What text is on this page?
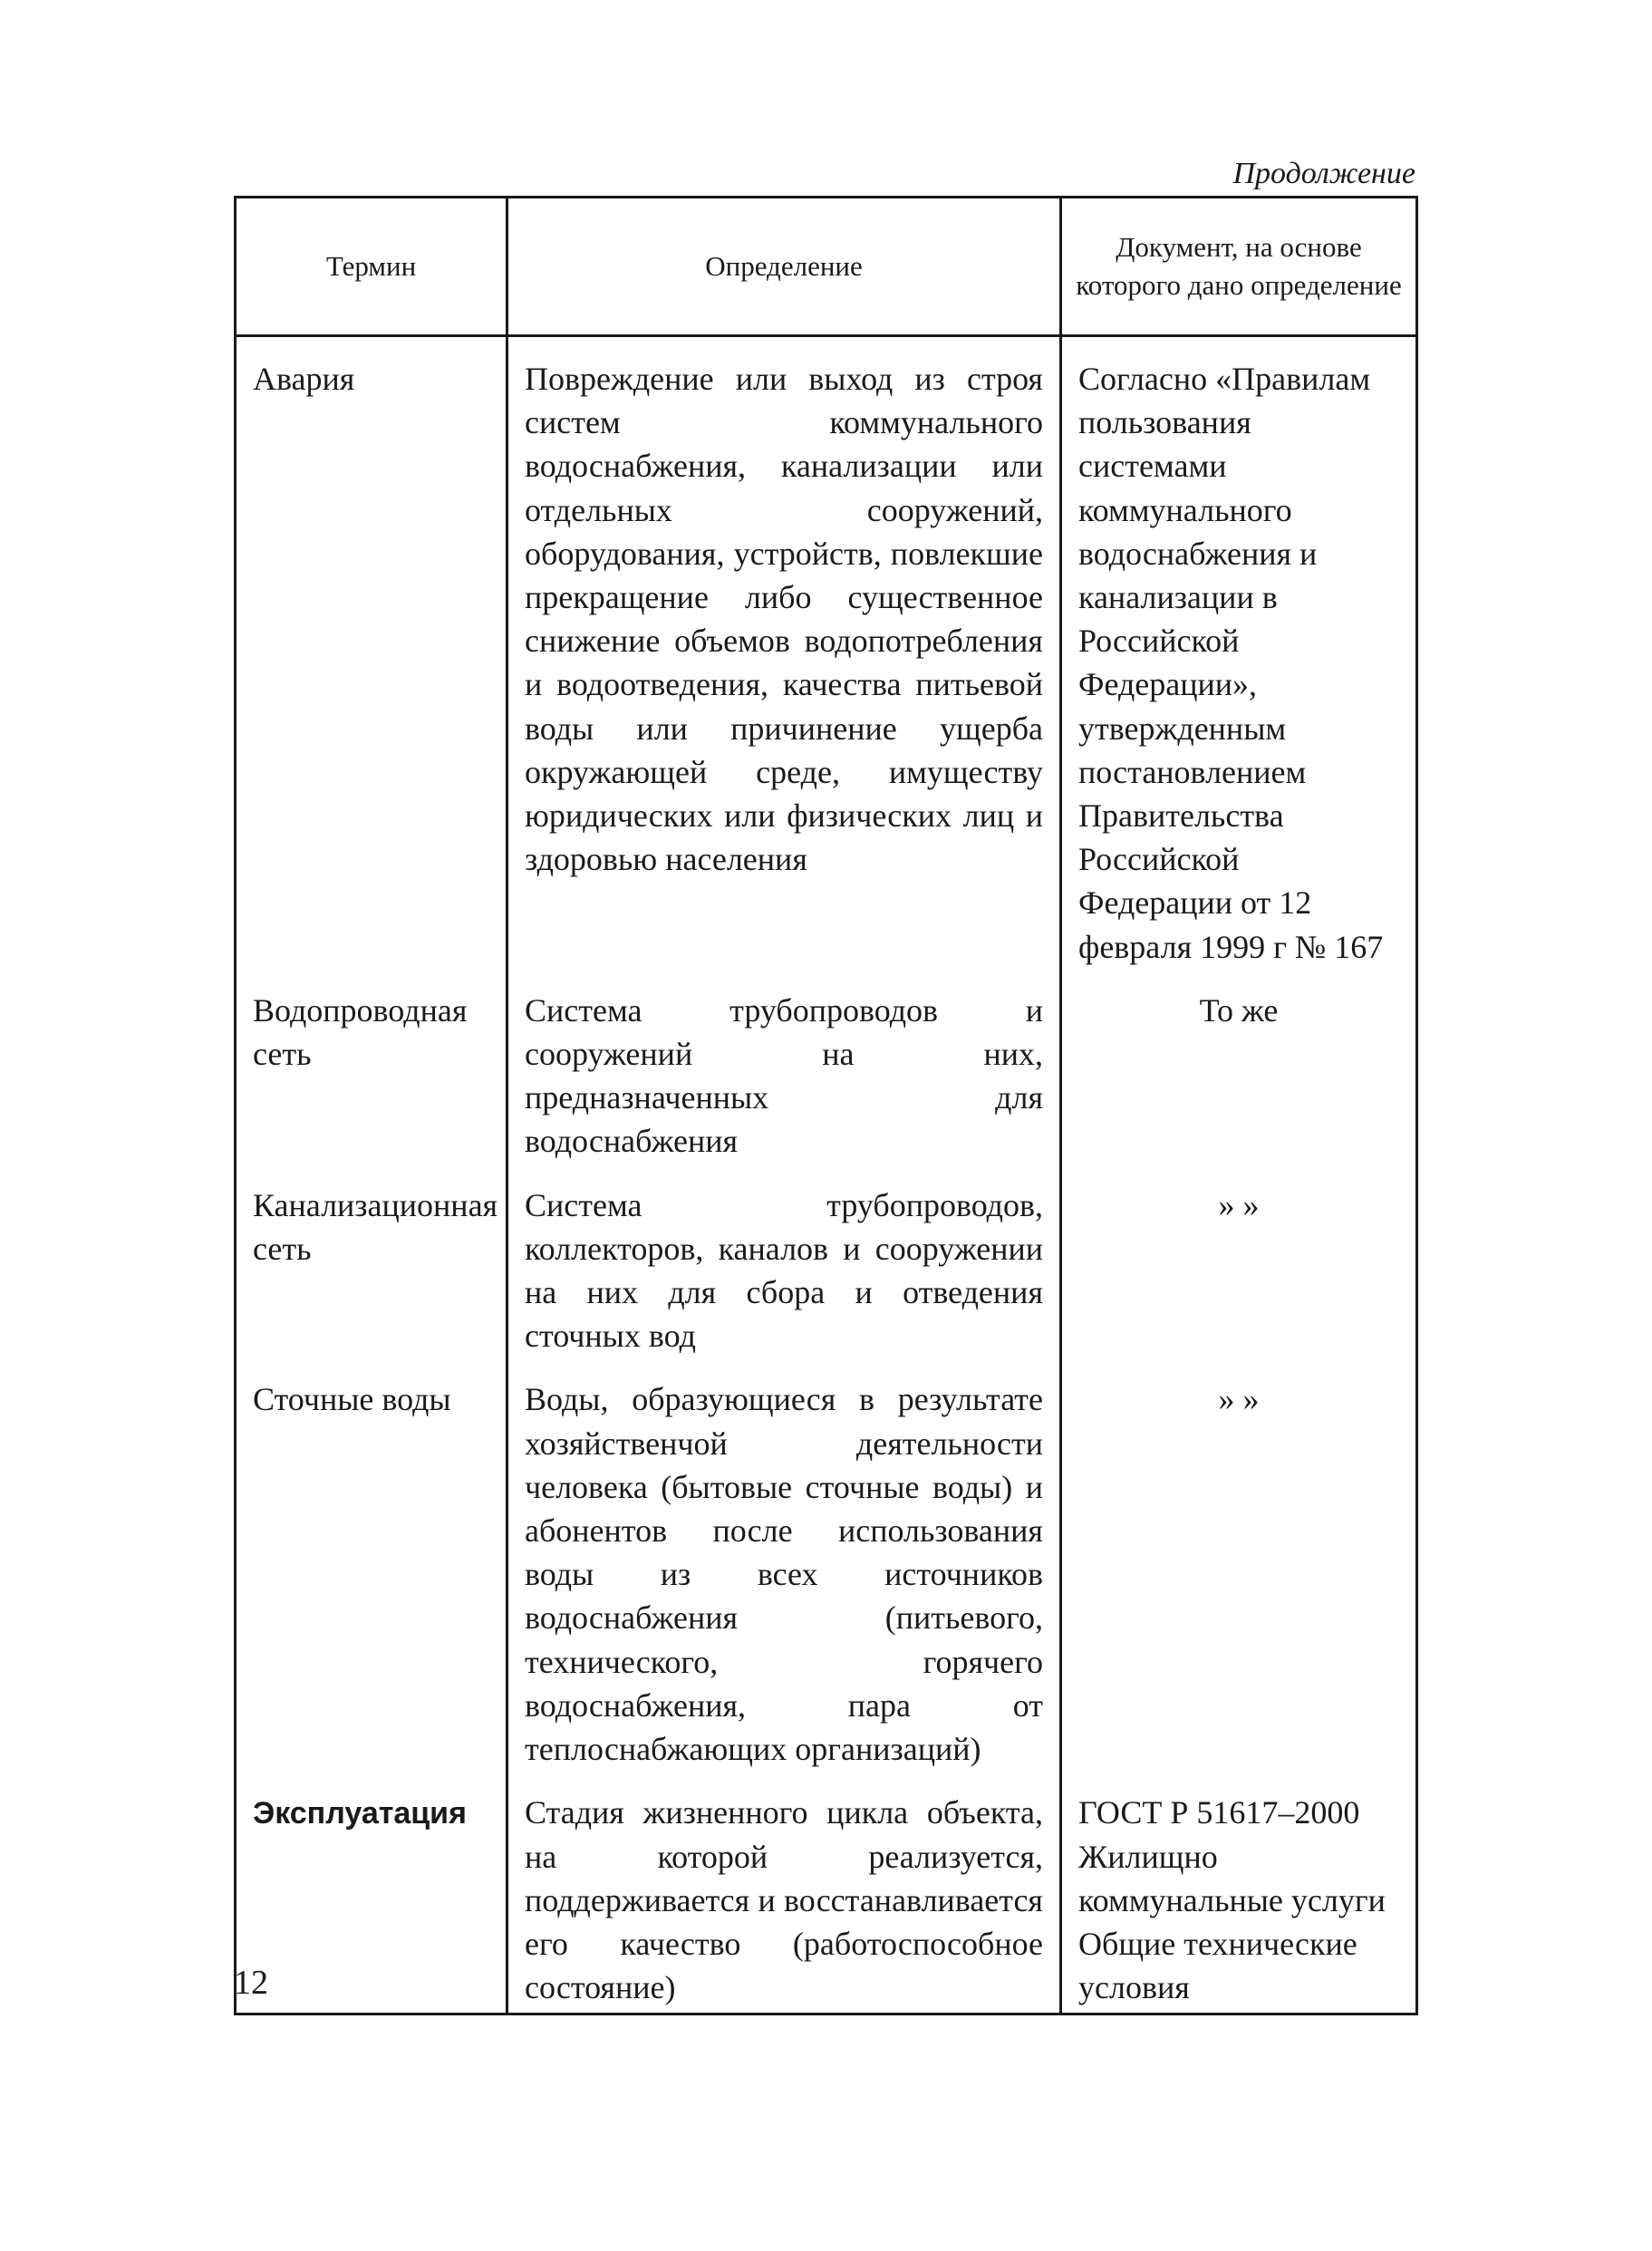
Продолжение
Термин	Определение	Документ, на основе которого дано определение
Авария	Повреждение или выход из строя систем коммунального водоснабжения, канализации или отдельных сооружений, оборудования, устройств, повлекшие прекращение либо существенное снижение объемов водопотребления и водоотведения, качества питьевой воды или причинение ущерба окружающей среде, имуществу юридических или физических лиц и здоровью населения	Согласно «Правилам пользования системами коммунального водоснабжения и канализации в Российской Федерации», утвержденным постановлением Правительства Российской Федерации от 12 февраля 1999 г № 167
Водопроводная сеть	Система трубопроводов и сооружений на них, предназначенных для водоснабжения	То же
Канализационная сеть	Система трубопроводов, коллекторов, каналов и сооружении на них для сбора и отведения сточных вод	» »
Сточные воды	Воды, образующиеся в результате хозяйственчой деятельности человека (бытовые сточные воды) и абонентов после использования воды из всех источников водоснабжения (питьевого, технического, горячего водоснабжения, пара от теплоснабжающих организаций)	» »
Эксплуатация	Стадия жизненного цикла объекта, на которой реализуется, поддерживается и восстанавливается его качество (работоспособное состояние)	ГОСТ Р 51617–2000 Жилищно коммунальные услуги Общие технические условия
12
